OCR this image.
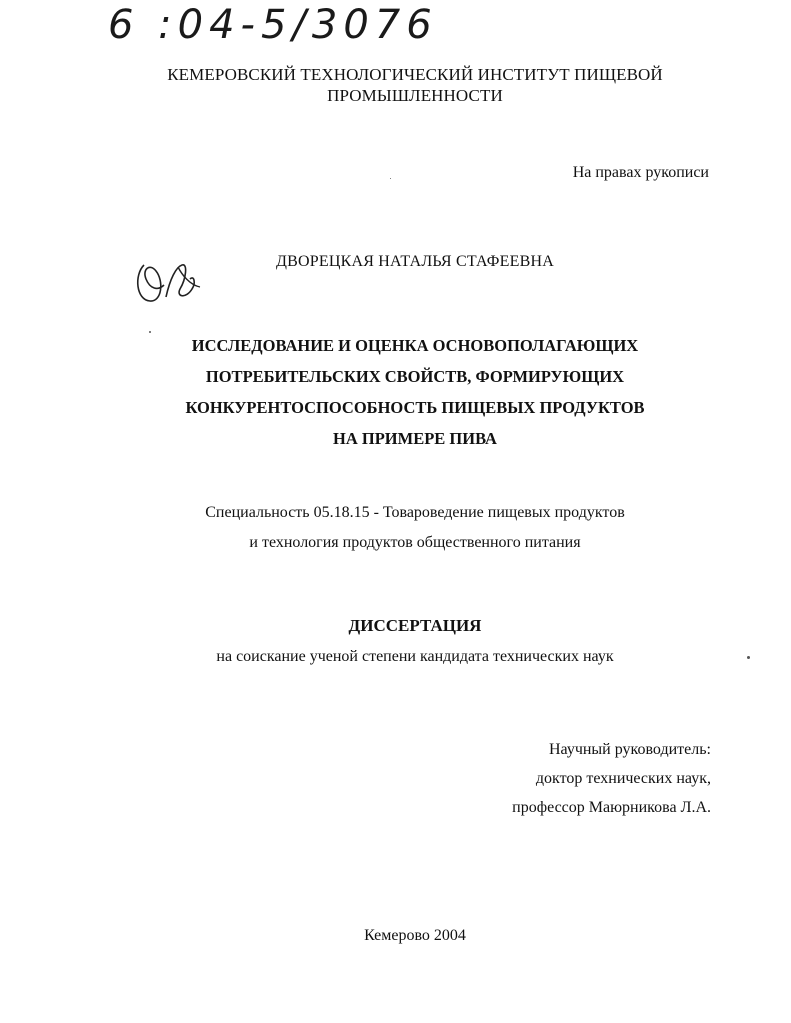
6 :04-5/3076
КЕМЕРОВСКИЙ ТЕХНОЛОГИЧЕСКИЙ ИНСТИТУТ ПИЩЕВОЙ
ПРОМЫШЛЕННОСТИ
На правах рукописи
ДВОРЕЦКАЯ НАТАЛЬЯ СТАФЕЕВНА
ИССЛЕДОВАНИЕ И ОЦЕНКА ОСНОВОПОЛАГАЮЩИХ
ПОТРЕБИТЕЛЬСКИХ СВОЙСТВ, ФОРМИРУЮЩИХ
КОНКУРЕНТОСПОСОБНОСТЬ ПИЩЕВЫХ ПРОДУКТОВ
НА ПРИМЕРЕ ПИВА
Специальность 05.18.15 - Товароведение пищевых продуктов
и технология продуктов общественного питания
ДИССЕРТАЦИЯ
на соискание ученой степени кандидата технических наук
Научный руководитель:
доктор технических наук,
профессор Маюрникова Л.А.
Кемерово 2004
